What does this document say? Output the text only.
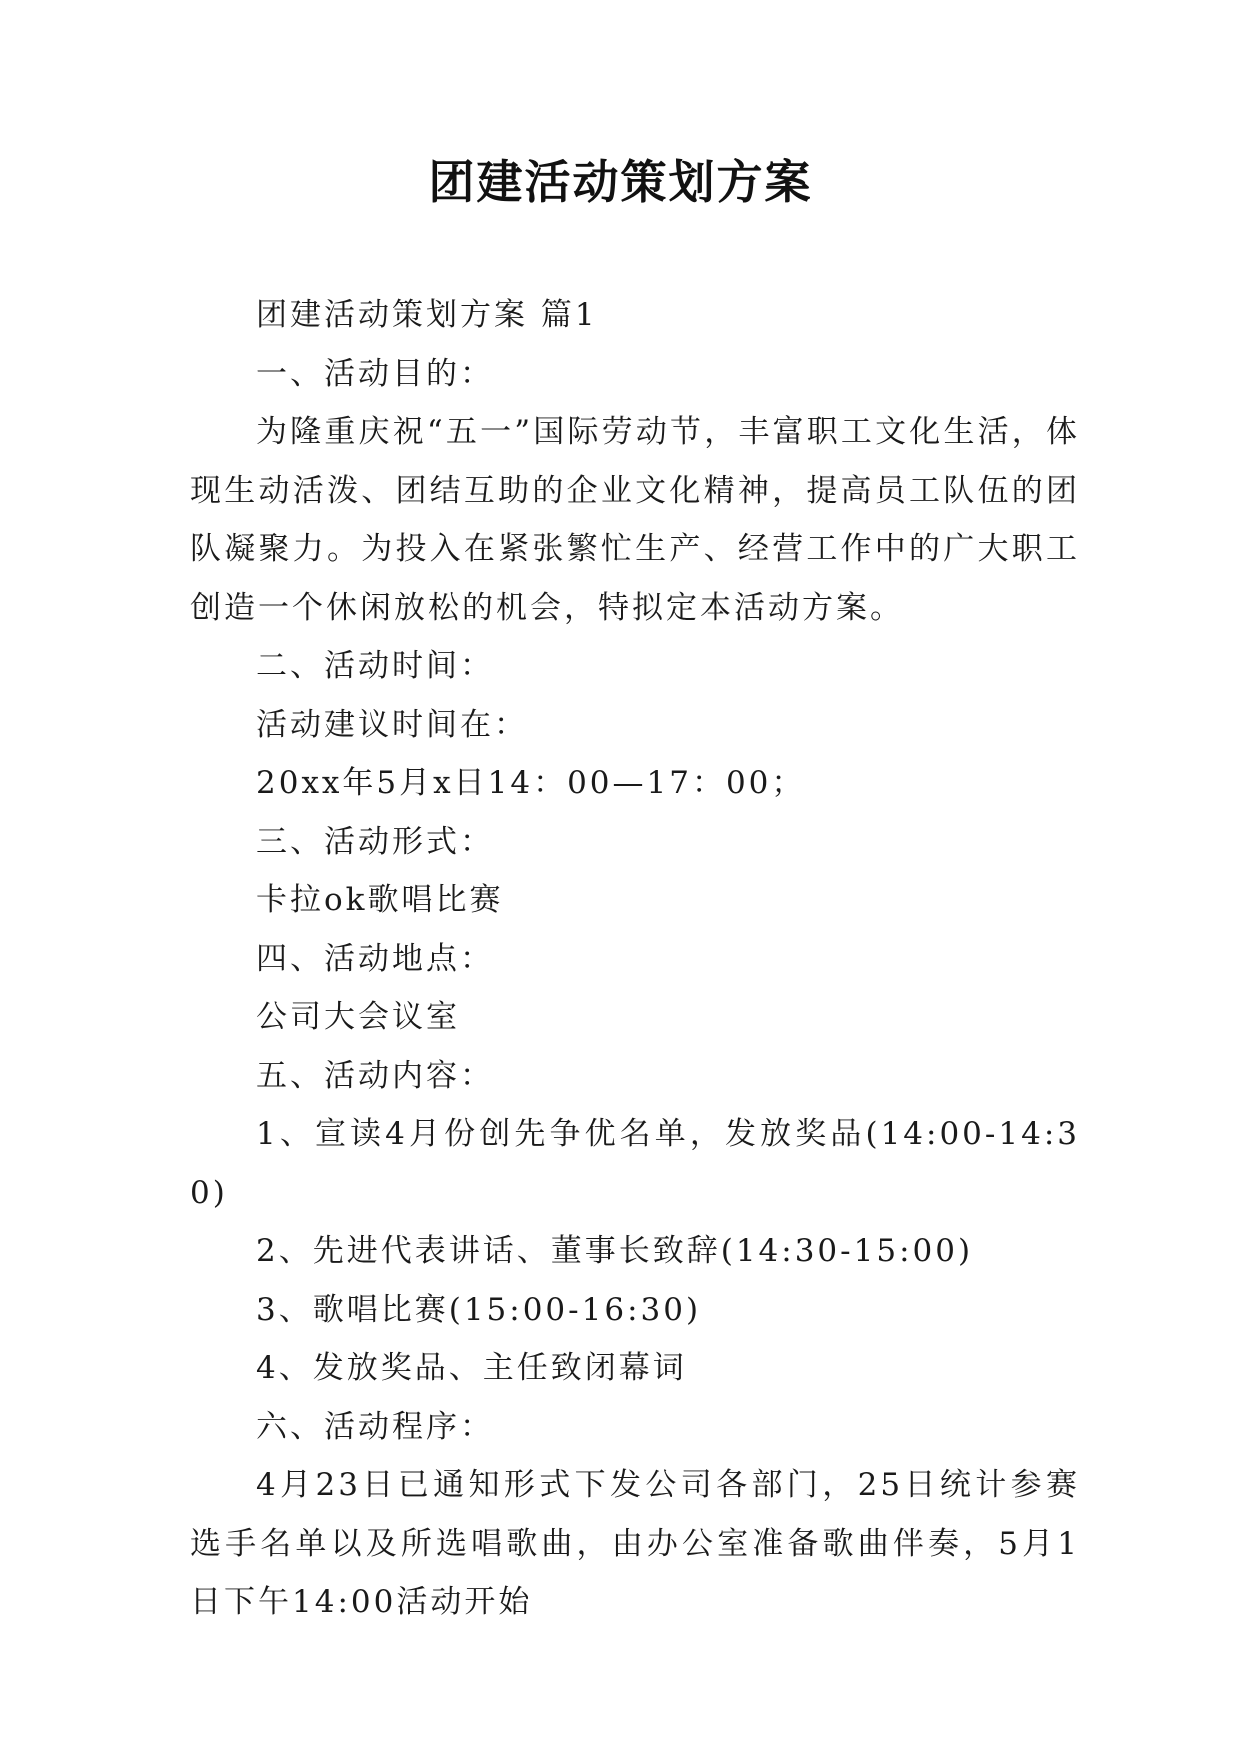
团建活动策划方案

团建活动策划方案 篇1

一、活动目的：

为隆重庆祝“五一”国际劳动节，丰富职工文化生活，体现生动活泼、团结互助的企业文化精神，提高员工队伍的团队凝聚力。为投入在紧张繁忙生产、经营工作中的广大职工创造一个休闲放松的机会，特拟定本活动方案。

二、活动时间：

活动建议时间在：

20xx年5月x日14：00—17：00；

三、活动形式：

卡拉ok歌唱比赛

四、活动地点：

公司大会议室

五、活动内容：

1、宣读4月份创先争优名单，发放奖品(14:00-14:30)

2、先进代表讲话、董事长致辞(14:30-15:00)

3、歌唱比赛(15:00-16:30)

4、发放奖品、主任致闭幕词

六、活动程序：

4月23日已通知形式下发公司各部门，25日统计参赛选手名单以及所选唱歌曲，由办公室准备歌曲伴奏，5月1日下午14:00活动开始
